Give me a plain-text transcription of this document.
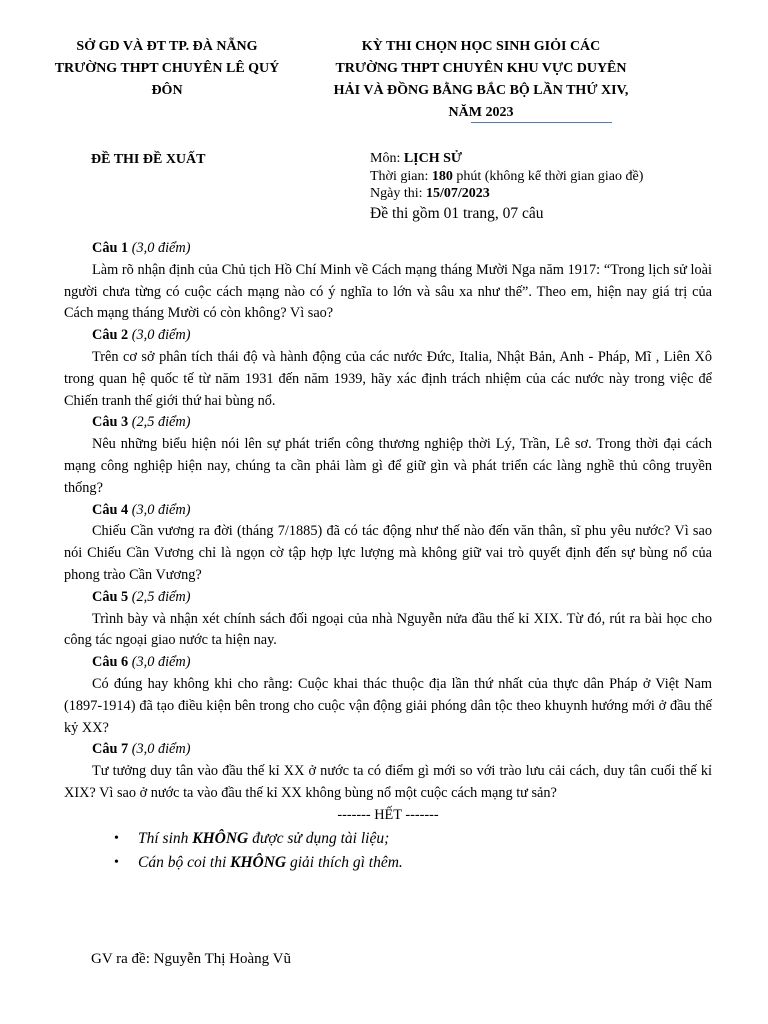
SỞ GD VÀ ĐT TP. ĐÀ NẴNG
TRƯỜNG THPT CHUYÊN LÊ QUÝ
ĐÔN
KỲ THI CHỌN HỌC SINH GIỎI CÁC
TRƯỜNG THPT CHUYÊN KHU VỰC DUYÊN
HẢI VÀ ĐỒNG BẰNG BẮC BỘ LẦN THỨ XIV,
NĂM 2023
ĐỀ THI ĐỀ XUẤT	Môn: LỊCH SỬ
Thời gian: 180 phút (không kể thời gian giao đề)
Ngày thi: 15/07/2023
Đề thi gồm 01 trang, 07 câu
Câu 1 (3,0 điểm)

Làm rõ nhận định của Chủ tịch Hồ Chí Minh về Cách mạng tháng Mười Nga năm 1917: “Trong lịch sử loài người chưa từng có cuộc cách mạng nào có ý nghĩa to lớn và sâu xa như thế”. Theo em, hiện nay giá trị của Cách mạng tháng Mười có còn không? Vì sao?

Câu 2 (3,0 điểm)

Trên cơ sở phân tích thái độ và hành động của các nước Đức, Italia, Nhật Bản, Anh - Pháp, Mĩ , Liên Xô trong quan hệ quốc tế từ năm 1931 đến năm 1939, hãy xác định trách nhiệm của các nước này trong việc để Chiến tranh thế giới thứ hai bùng nổ.

Câu 3 (2,5 điểm)

Nêu những biểu hiện nói lên sự phát triển công thương nghiệp thời Lý, Trần, Lê sơ. Trong thời đại cách mạng công nghiệp hiện nay, chúng ta cần phải làm gì để giữ gìn và phát triển các làng nghề thủ công truyền thống?

Câu 4 (3,0 điểm)

Chiếu Cần vương ra đời (tháng 7/1885) đã có tác động như thế nào đến văn thân, sĩ phu yêu nước? Vì sao nói Chiếu Cần Vương chỉ là ngọn cờ tập hợp lực lượng mà không giữ vai trò quyết định đến sự bùng nổ của phong trào Cần Vương?

Câu 5 (2,5 điểm)

Trình bày và nhận xét chính sách đối ngoại của nhà Nguyễn nửa đầu thế kỉ XIX. Từ đó, rút ra bài học cho công tác ngoại giao nước ta hiện nay.

Câu 6 (3,0 điểm)

Có đúng hay không khi cho rằng: Cuộc khai thác thuộc địa lần thứ nhất của thực dân Pháp ở Việt Nam (1897-1914) đã tạo điều kiện bên trong cho cuộc vận động giải phóng dân tộc theo khuynh hướng mới ở đầu thế kỷ XX?

Câu 7 (3,0 điểm)

Tư tưởng duy tân vào đầu thế kỉ XX ở nước ta có điểm gì mới so với trào lưu cải cách, duy tân cuối thế kỉ XIX? Vì sao ở nước ta vào đầu thế kỉ XX không bùng nổ một cuộc cách mạng tư sản?

------- HẾT -------

• Thí sinh KHÔNG được sử dụng tài liệu;
• Cán bộ coi thi KHÔNG giải thích gì thêm.
GV ra đề: Nguyễn Thị Hoàng Vũ
